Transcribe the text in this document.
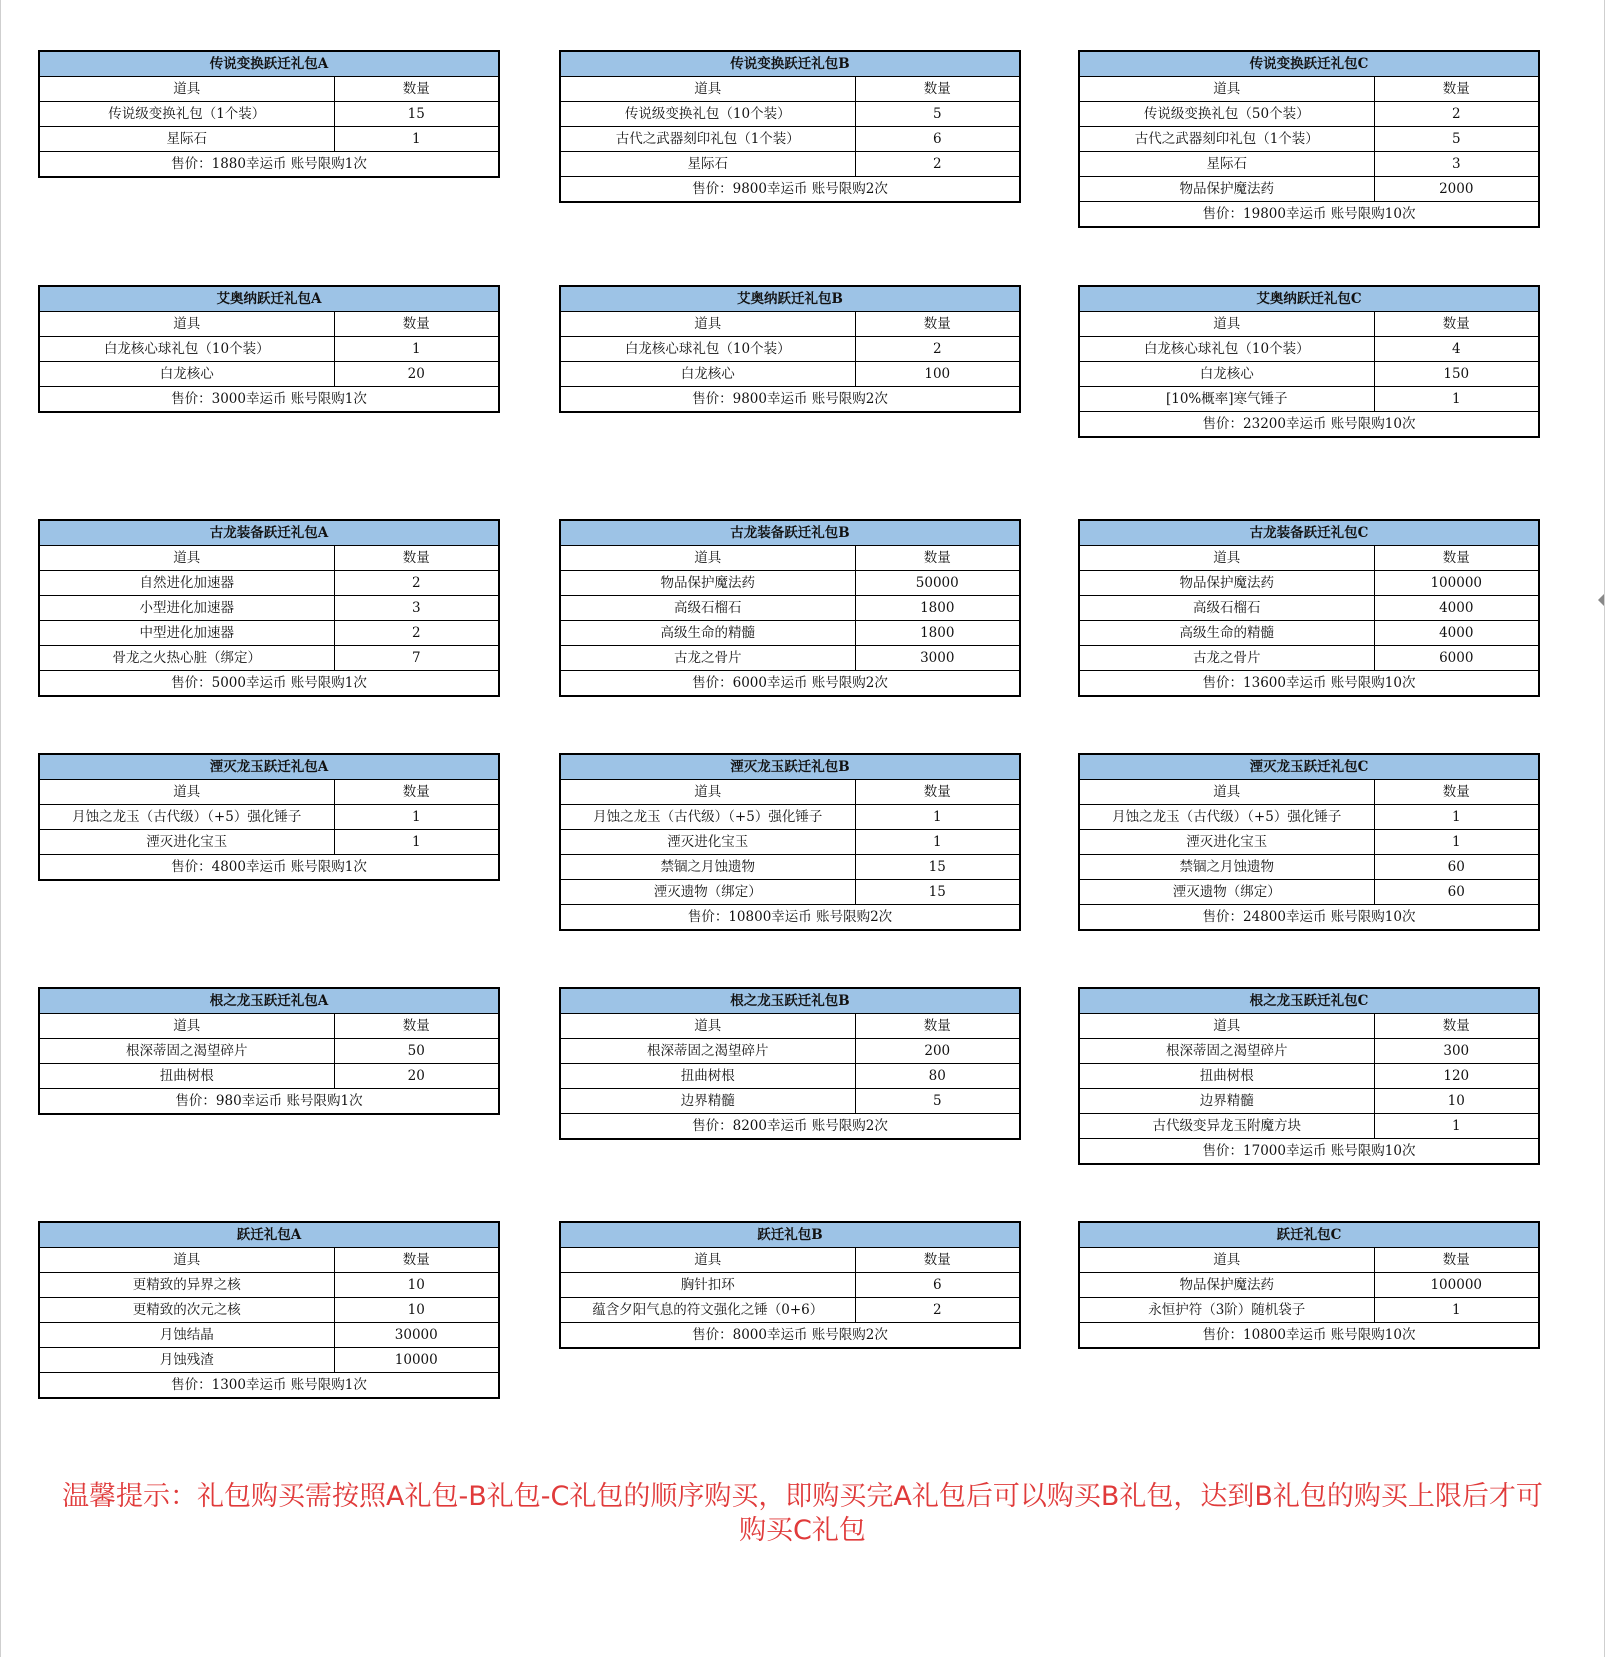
传说变换跃迁礼包A	
道具	数量
传说级变换礼包（1个装）	15
星际石	1
售价：1880幸运币 账号限购1次	
传说变换跃迁礼包B	
道具	数量
传说级变换礼包（10个装）	5
古代之武器刻印礼包（1个装）	6
星际石	2
售价：9800幸运币 账号限购2次	
传说变换跃迁礼包C	
道具	数量
传说级变换礼包（50个装）	2
古代之武器刻印礼包（1个装）	5
星际石	3
物品保护魔法药	2000
售价：19800幸运币 账号限购10次	
艾奥纳跃迁礼包A	
道具	数量
白龙核心球礼包（10个装）	1
白龙核心	20
售价：3000幸运币 账号限购1次	
艾奥纳跃迁礼包B	
道具	数量
白龙核心球礼包（10个装）	2
白龙核心	100
售价：9800幸运币 账号限购2次	
艾奥纳跃迁礼包C	
道具	数量
白龙核心球礼包（10个装）	4
白龙核心	150
[10%概率]寒气锤子	1
售价：23200幸运币 账号限购10次	
古龙装备跃迁礼包A	
道具	数量
自然进化加速器	2
小型进化加速器	3
中型进化加速器	2
骨龙之火热心脏（绑定）	7
售价：5000幸运币 账号限购1次	
古龙装备跃迁礼包B	
道具	数量
物品保护魔法药	50000
高级石榴石	1800
高级生命的精髓	1800
古龙之骨片	3000
售价：6000幸运币 账号限购2次	
古龙装备跃迁礼包C	
道具	数量
物品保护魔法药	100000
高级石榴石	4000
高级生命的精髓	4000
古龙之骨片	6000
售价：13600幸运币 账号限购10次	
湮灭龙玉跃迁礼包A	
道具	数量
月蚀之龙玉（古代级）（+5）强化锤子	1
湮灭进化宝玉	1
售价：4800幸运币 账号限购1次	
湮灭龙玉跃迁礼包B	
道具	数量
月蚀之龙玉（古代级）（+5）强化锤子	1
湮灭进化宝玉	1
禁锢之月蚀遗物	15
湮灭遗物（绑定）	15
售价：10800幸运币 账号限购2次	
湮灭龙玉跃迁礼包C	
道具	数量
月蚀之龙玉（古代级）（+5）强化锤子	1
湮灭进化宝玉	1
禁锢之月蚀遗物	60
湮灭遗物（绑定）	60
售价：24800幸运币 账号限购10次	
根之龙玉跃迁礼包A	
道具	数量
根深蒂固之渴望碎片	50
扭曲树根	20
售价：980幸运币 账号限购1次	
根之龙玉跃迁礼包B	
道具	数量
根深蒂固之渴望碎片	200
扭曲树根	80
边界精髓	5
售价：8200幸运币 账号限购2次	
根之龙玉跃迁礼包C	
道具	数量
根深蒂固之渴望碎片	300
扭曲树根	120
边界精髓	10
古代级变异龙玉附魔方块	1
售价：17000幸运币 账号限购10次	
跃迁礼包A	
道具	数量
更精致的异界之核	10
更精致的次元之核	10
月蚀结晶	30000
月蚀残渣	10000
售价：1300幸运币 账号限购1次	
跃迁礼包B	
道具	数量
胸针扣环	6
蕴含夕阳气息的符文强化之锤（0+6）	2
售价：8000幸运币 账号限购2次	
跃迁礼包C	
道具	数量
物品保护魔法药	100000
永恒护符（3阶）随机袋子	1
售价：10800幸运币 账号限购10次	
温馨提示：礼包购买需按照A礼包-B礼包-C礼包的顺序购买，即购买完A礼包后可以购买B礼包，达到B礼包的购买上限后才可
购买C礼包
